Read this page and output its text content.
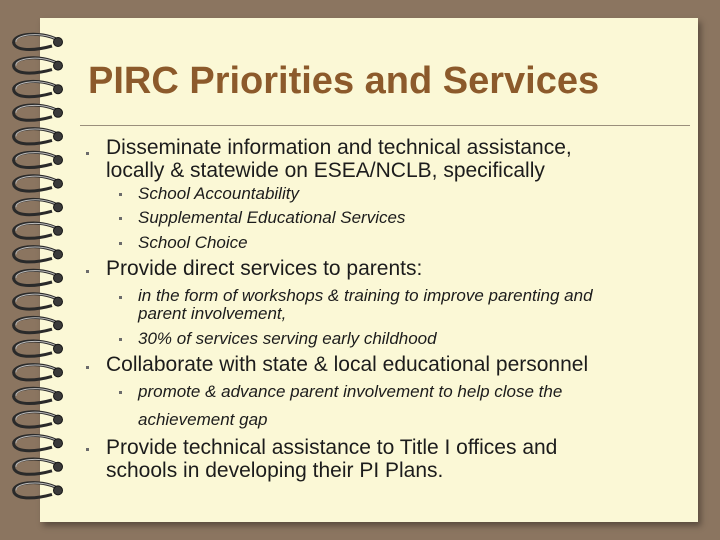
PIRC Priorities and Services
Disseminate information and technical assistance,
locally & statewide on ESEA/NCLB, specifically
School Accountability
Supplemental Educational Services
School Choice
Provide direct services to parents:
in the form of workshops & training to improve parenting and
parent involvement,
30% of services serving early childhood
Collaborate with state & local educational personnel
promote & advance parent involvement to help close the
achievement gap
Provide technical assistance to Title I offices and
schools in developing their PI Plans.
